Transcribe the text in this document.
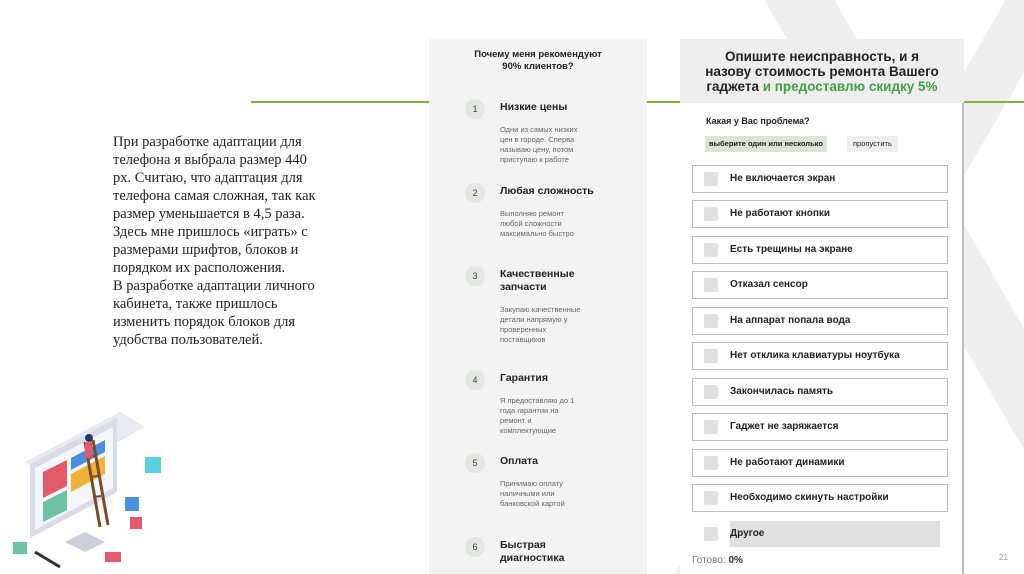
При разработке адаптации для телефона я выбрала размер 440 px. Считаю, что адаптация для телефона самая сложная, так как размер уменьшается в 4,5 раза.

Здесь мне пришлось «играть» с размерами шрифтов, блоков и порядком их расположения.

В разработке адаптации личного кабинета, также пришлось изменить порядок блоков для удобства пользователей.

Почему меня рекомендуют
90% клиентов?
1	Низкие цены
Одни из самых низких
цен в городе. Сперва
называю цену, потом
приступаю к работе
2	Любая сложность
Выполняю ремонт
любой сложности
максимально быстро
3	Качественные
запчасти
Закупаю качественные
детали напрямую у
проверенных
поставщиков
4	Гарантия
Я предоставляю до 1
года гарантии на
ремонт и
комплектующие
5	Оплата
Принимаю оплату
наличными или
банковской картой
6	Быстрая
диагностика
Опишите неисправность, и я
назову стоимость ремонта Вашего
гаджета и предоставлю скидку 5%
Какая у Вас проблема?
выберите один или несколько	пропустить
Не включается экран
Не работают кнопки
Есть трещины на экране
Отказал сенсор
На аппарат попала вода
Нет отклика клавиатуры ноутбука
Закончилась память
Гаджет не заряжается
Не работают динамики
Необходимо скинуть настройки
Другое
Готово: 0%	21
